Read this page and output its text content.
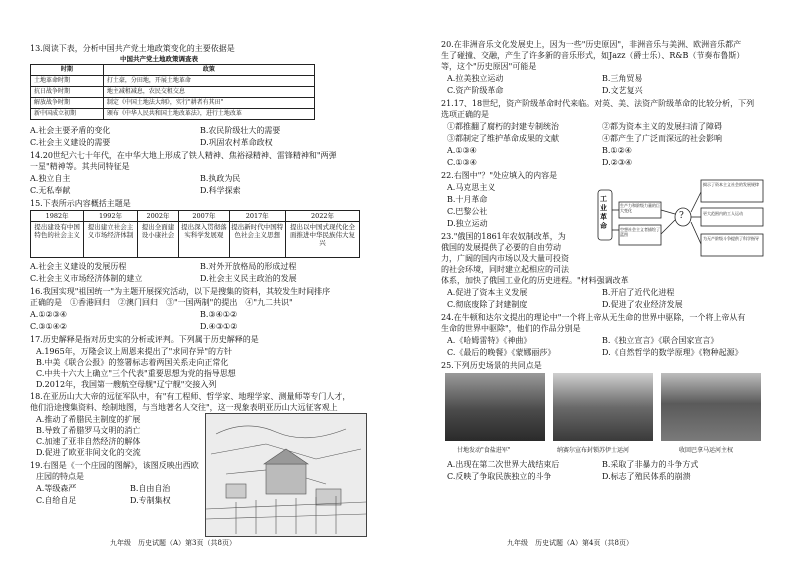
13.阅读下表，分析中国共产党土地政策变化的主要依据是
中国共产党土地政策调查表
时期	政策
土地革命时期	打土豪，分田地，开展土地革命
抗日战争时期	地主减租减息，农民交租交息
解放战争时期	制定《中国土地法大纲》，实行"耕者有其田"
新中国成立初期	颁布《中华人民共和国土地改革法》，进行土地改革
A.社会主要矛盾的变化	B.农民阶级壮大的需要
C.社会主义建设的需要	D.巩固农村革命政权
14.20世纪六七十年代，在中华大地上形成了铁人精神、焦裕禄精神、雷锋精神和"两弹
一星"精神等。其共同特征是
A.独立自主	B.执政为民
C.无私奉献	D.科学探索
15.下表所示内容概括主题是
1982年	1992年	2002年	2007年	2017年	2022年
提出建设有中国特色的社会主义	提出建立社会主义市场经济体制	提出全面建设小康社会	提出深入贯彻落实科学发展观	提出新时代中国特色社会主义思想	提出以中国式现代化全面推进中华民族伟大复兴
A.社会主义建设的发展历程	B.对外开放格局的形成过程
C.社会主义市场经济体制的建立	D.社会主义民主政治的发展
16.我国实现"祖国统一"为主题开展探究活动，以下是搜集的资料，其较发生时间排序
正确的是　①香港回归　②澳门回归　③"一国两制"的提出　④"九二共识"
A.①②③④	B.③④①②
C.③①④②	D.④③①②
17.历史解释是指对历史实的分析或评判。下列属于历史解释的是
A.1965年，万隆会议上周恩来提出了"求同存异"的方针
B.中美《联合公报》的签署标志着两国关系走向正常化
C.中共十六大上确立"三个代表"重要思想为党的指导思想
D.2012年，我国第一艘航空母舰"辽宁舰"交接入列
18.在亚历山大大帝的远征军队中，有"有工程师、哲学家、地理学家、测量师等专门人才，
他们沿途搜集资料、绘制地图，与当地著名人交往"，这一现象表明亚历山大远征客观上
A.推动了希腊民主制度的扩展
B.导致了希腊罗马文明的消亡
C.加速了亚非自然经济的解体
D.促进了欧亚非间文化的交流
19.右图是《一个庄园的图解》，该图反映出西欧
庄园的特点是
A.等级森严	B.自由自治
C.自给自足	D.专制集权
九年级　历史试题（A）第3页（共8页）
20.在非洲音乐文化发展史上，因为一些"历史原因"，非洲音乐与美洲、欧洲音乐都产
生了碰撞、交融，产生了许多新的音乐形式，如Jazz（爵士乐）、R&B（节奏布鲁斯）
等，这个"历史原因"可能是
A.拉美独立运动	B.三角贸易
C.资产阶级革命	D.文艺复兴
21.17、18世纪，资产阶级革命时代来临。对英、美、法资产阶级革命的比较分析，下列
选项正确的是
①都推翻了腐朽的封建专制统治	②都为资本主义的发展扫清了障碍
③都制定了维护革命成果的文献	④都产生了广泛而深远的社会影响
A.①③④	B.①②④
C.①③④	D.②③④
22.右图中"？"处应填入的内容是
A.马克思主义
B.十月革命
C.巴黎公社
D.独立运动
工业革命
生产力和阶级力量的巨大变化
空想社会主义者描绘了蓝图
?
揭示了资本主义社会的发展规律
更大范围内的工人运动
为无产阶级斗争提供了科学指导
23."俄国的1861年农奴制改革，为
俄国的发展提供了必要的自由劳动
力，广阔的国内市场以及大量可投资
的社会环境，同时建立起相应的司法
体系，加快了俄国工业化的历史进程。"材料强调改革
A.促进了资本主义发展	B.开启了近代化进程
C.彻底废除了封建制度	D.促进了农业经济发展
24.在牛顿和达尔文提出的理论中"一个将上帝从无生命的世界中驱除，一个将上帝从有
生命的世界中驱除"，他们的作品分别是
A.《哈姆雷特》《神曲》	B.《独立宣言》《联合国家宣言》
C.《最后的晚餐》《蒙娜丽莎》	D.《自然哲学的数学原理》《物种起源》
25.下列历史场景的共同点是
甘地发动"食盐进军"	纳赛尔宣布封锁苏伊士运河	收回巴拿马运河主权
A.出现在第二次世界大战结束后	B.采取了非暴力的斗争方式
C.反映了争取民族独立的斗争	D.标志了殖民体系的崩溃
九年级　历史试题（A）第4页（共8页）
